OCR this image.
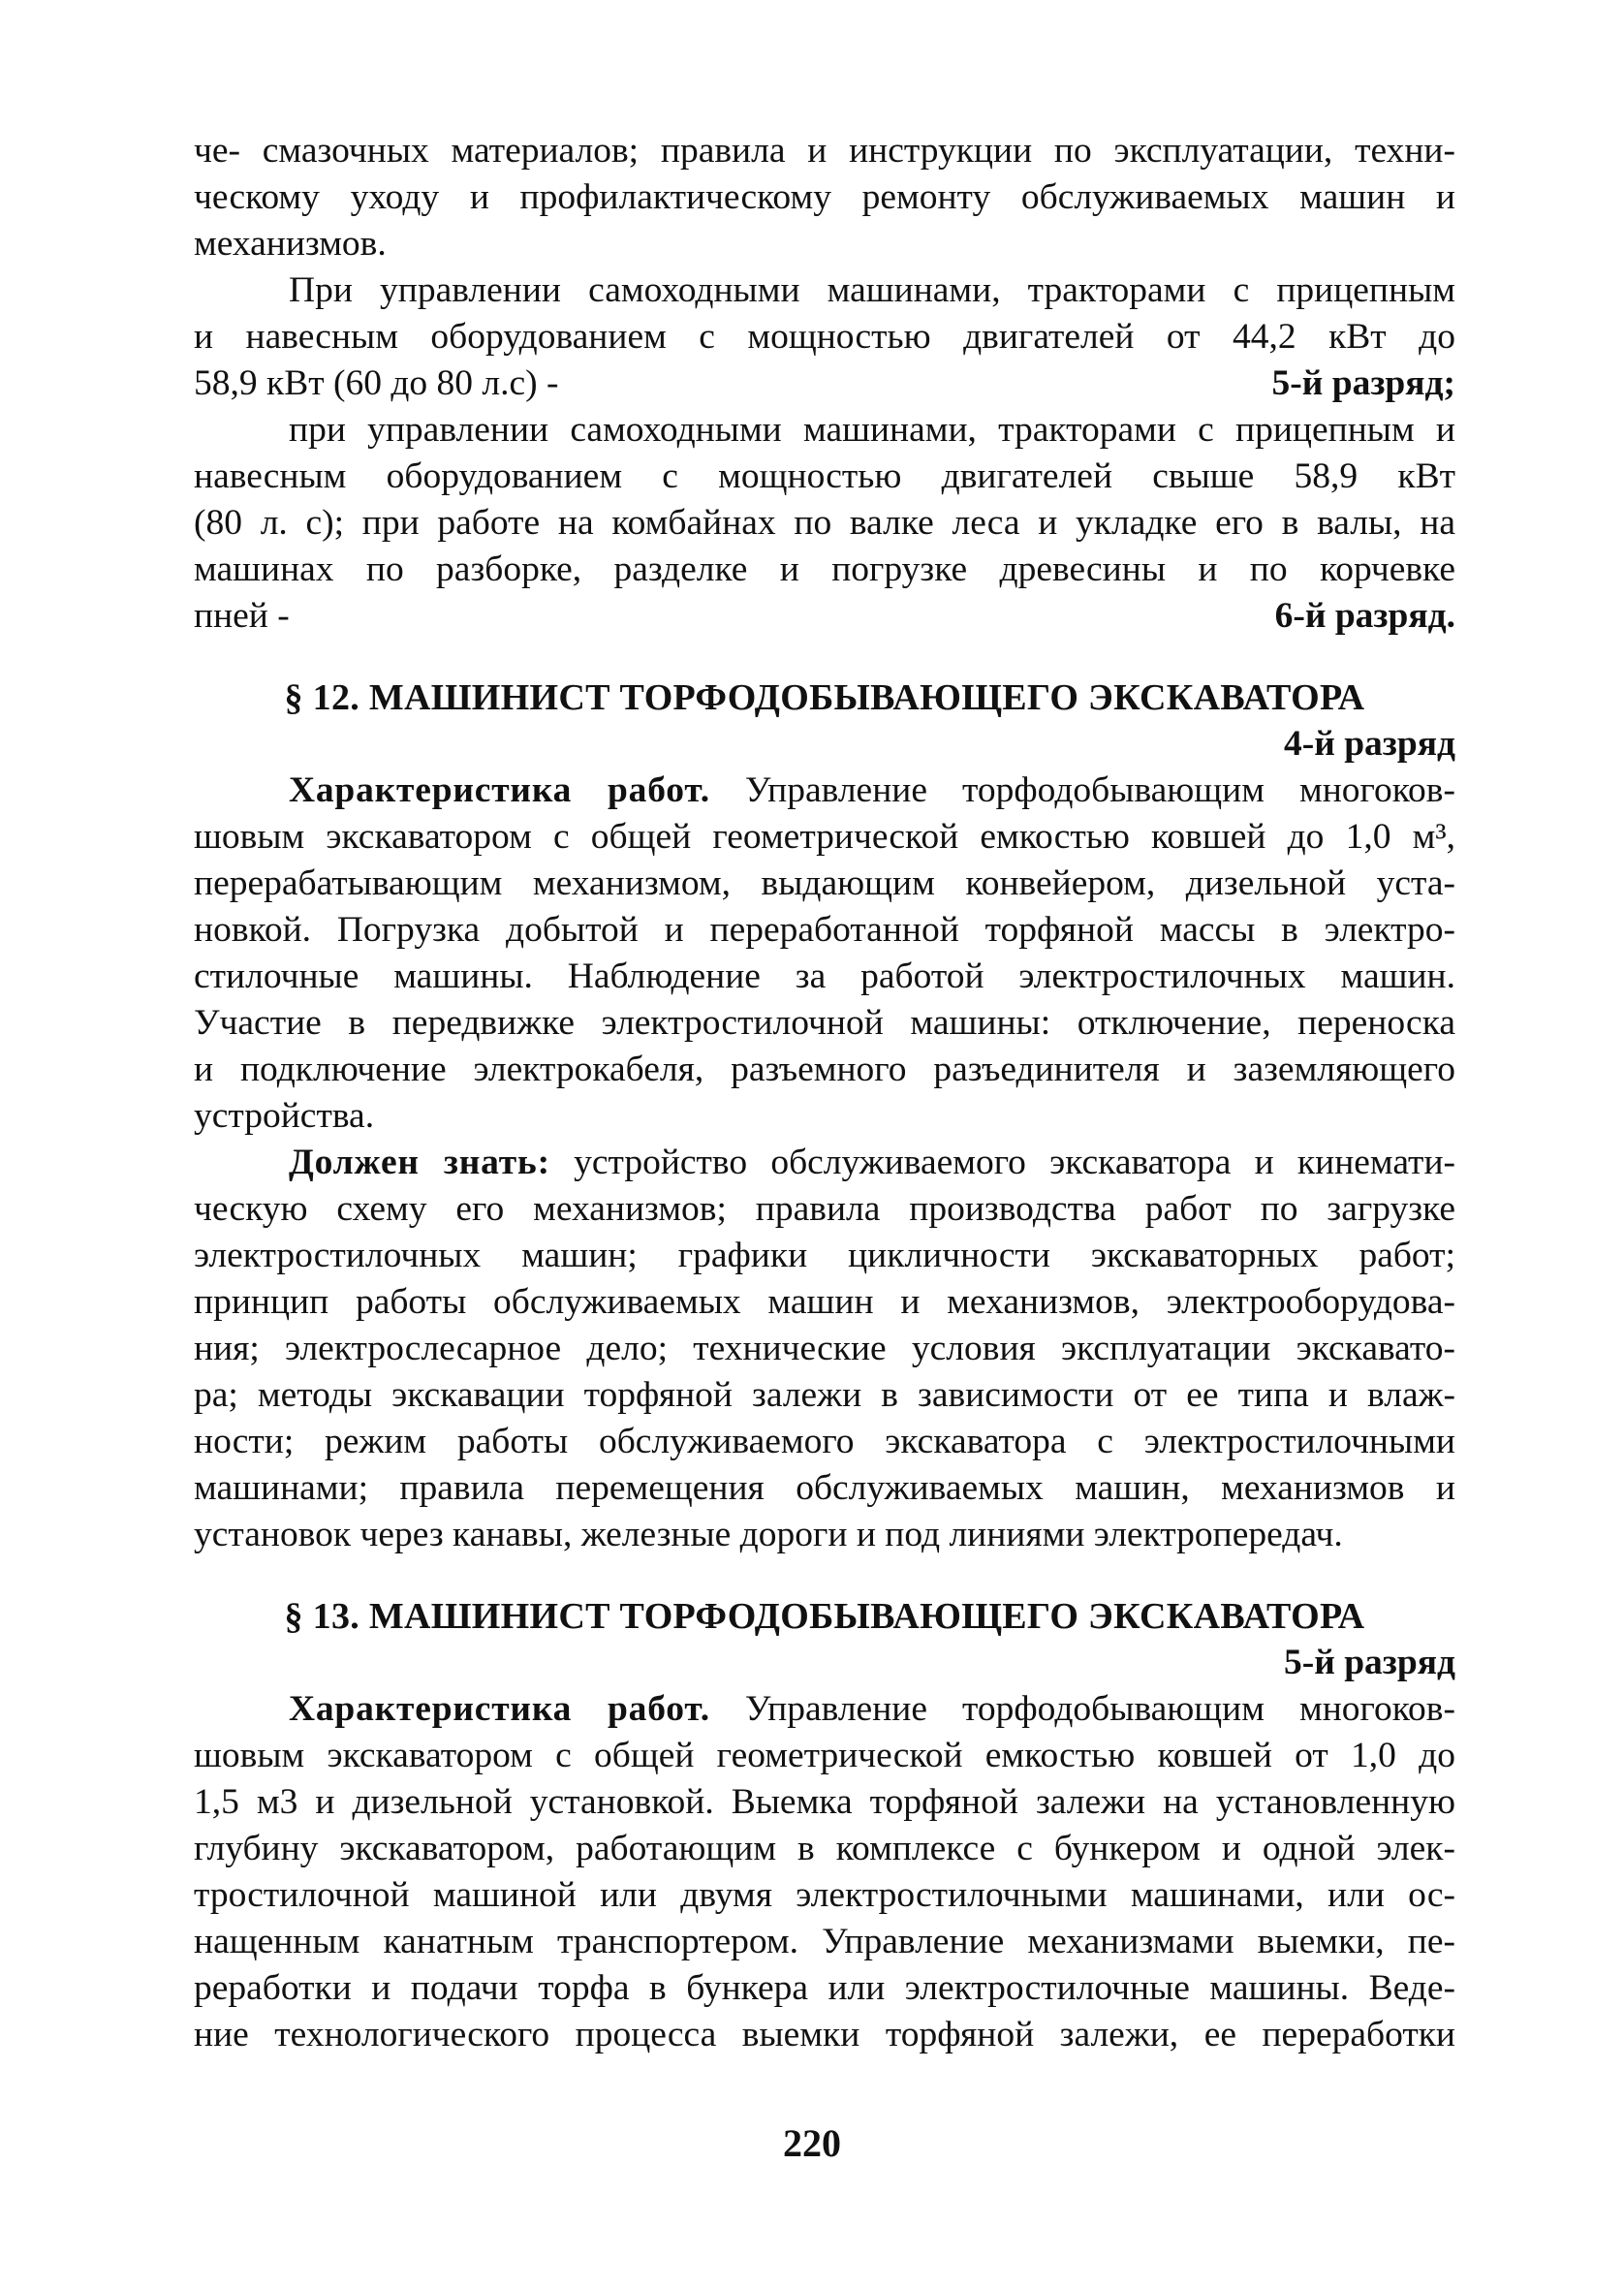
че- смазочных материалов; правила и инструкции по эксплуатации, техни-

ческому уходу и профилактическому ремонту обслуживаемых машин и

механизмов.

При управлении самоходными машинами, тракторами с прицепным

и навесным оборудованием с мощностью двигателей от 44,2 кВт до

58,9 кВт (60 до 80 л.с) -	5-й разряд;

при управлении самоходными машинами, тракторами с прицепным и

навесным оборудованием с мощностью двигателей свыше 58,9 кВт

(80 л. с); при работе на комбайнах по валке леса и укладке его в валы, на

машинах по разборке, разделке и погрузке древесины и по корчевке

пней -	6-й разряд.
§ 12. МАШИНИСТ ТОРФОДОБЫВАЮЩЕГО ЭКСКАВАТОРА
4-й разряд

Характеристика работ. Управление торфодобывающим многоков-

шовым экскаватором с общей геометрической емкостью ковшей до 1,0 м³,

перерабатывающим механизмом, выдающим конвейером, дизельной уста-

новкой. Погрузка добытой и переработанной торфяной массы в электро-

стилочные машины. Наблюдение за работой электростилочных машин.

Участие в передвижке электростилочной машины: отключение, переноска

и подключение электрокабеля, разъемного разъединителя и заземляющего

устройства.

Должен знать: устройство обслуживаемого экскаватора и кинемати-

ческую схему его механизмов; правила производства работ по загрузке

электростилочных машин; графики цикличности экскаваторных работ;

принцип работы обслуживаемых машин и механизмов, электрооборудова-

ния; электрослесарное дело; технические условия эксплуатации экскавато-

ра; методы экскавации торфяной залежи в зависимости от ее типа и влаж-

ности; режим работы обслуживаемого экскаватора с электростилочными

машинами; правила перемещения обслуживаемых машин, механизмов и

установок через канавы, железные дороги и под линиями электропередач.

§ 13. МАШИНИСТ ТОРФОДОБЫВАЮЩЕГО ЭКСКАВАТОРА
5-й разряд

Характеристика работ. Управление торфодобывающим многоков-

шовым экскаватором с общей геометрической емкостью ковшей от 1,0 до

1,5 м3 и дизельной установкой. Выемка торфяной залежи на установленную

глубину экскаватором, работающим в комплексе с бункером и одной элек-

тростилочной машиной или двумя электростилочными машинами, или ос-

нащенным канатным транспортером. Управление механизмами выемки, пе-

реработки и подачи торфа в бункера или электростилочные машины. Веде-

ние технологического процесса выемки торфяной залежи, ее переработки

220
